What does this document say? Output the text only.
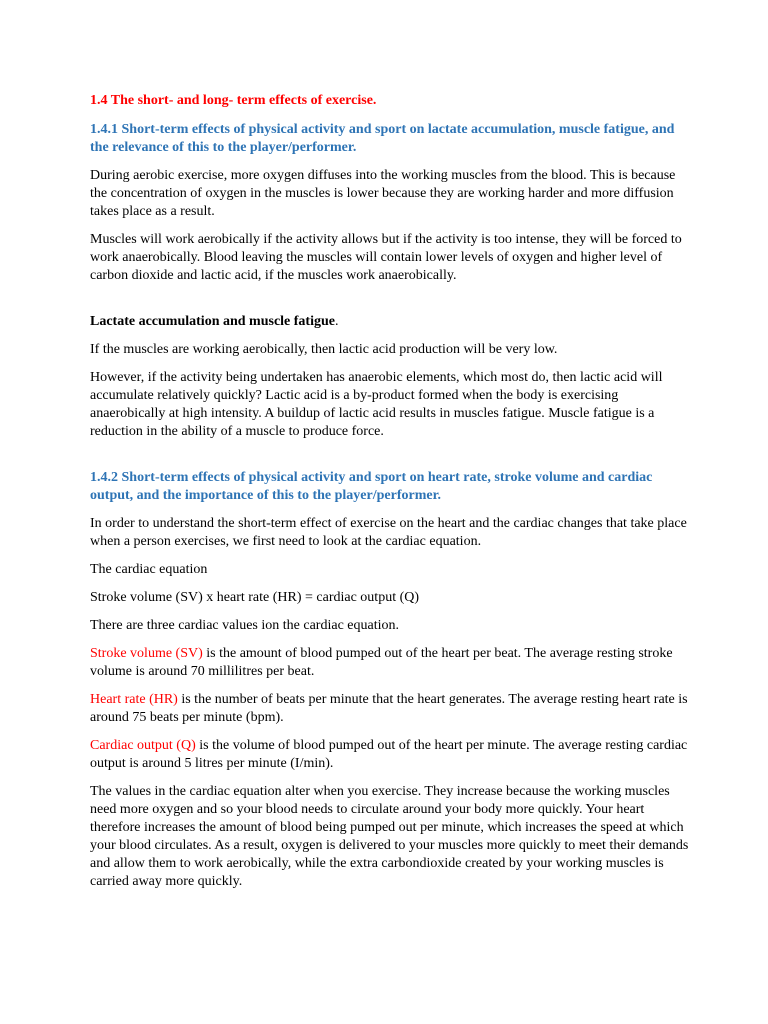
1.4 The short- and long- term effects of exercise.
1.4.1 Short-term effects of physical activity and sport on lactate accumulation, muscle fatigue, and the relevance of this to the player/performer.

During aerobic exercise, more oxygen diffuses into the working muscles from the blood. This is because the concentration of oxygen in the muscles is lower because they are working harder and more diffusion takes place as a result.

Muscles will work aerobically if the activity allows but if the activity is too intense, they will be forced to work anaerobically. Blood leaving the muscles will contain lower levels of oxygen and higher level of carbon dioxide and lactic acid, if the muscles work anaerobically.

Lactate accumulation and muscle fatigue.

If the muscles are working aerobically, then lactic acid production will be very low.

However, if the activity being undertaken has anaerobic elements, which most do, then lactic acid will accumulate relatively quickly? Lactic acid is a by-product formed when the body is exercising anaerobically at high intensity. A buildup of lactic acid results in muscles fatigue. Muscle fatigue is a reduction in the ability of a muscle to produce force.

1.4.2 Short-term effects of physical activity and sport on heart rate, stroke volume and cardiac output, and the importance of this to the player/performer.

In order to understand the short-term effect of exercise on the heart and the cardiac changes that take place when a person exercises, we first need to look at the cardiac equation.

The cardiac equation

Stroke volume (SV) x heart rate (HR) = cardiac output (Q)

There are three cardiac values ion the cardiac equation.

Stroke volume (SV) is the amount of blood pumped out of the heart per beat. The average resting stroke volume is around 70 millilitres per beat.

Heart rate (HR) is the number of beats per minute that the heart generates. The average resting heart rate is around 75 beats per minute (bpm).

Cardiac output (Q) is the volume of blood pumped out of the heart per minute. The average resting cardiac output is around 5 litres per minute (I/min).

The values in the cardiac equation alter when you exercise. They increase because the working muscles need more oxygen and so your blood needs to circulate around your body more quickly. Your heart therefore increases the amount of blood being pumped out per minute, which increases the speed at which your blood circulates. As a result, oxygen is delivered to your muscles more quickly to meet their demands and allow them to work aerobically, while the extra carbondioxide created by your working muscles is carried away more quickly.
